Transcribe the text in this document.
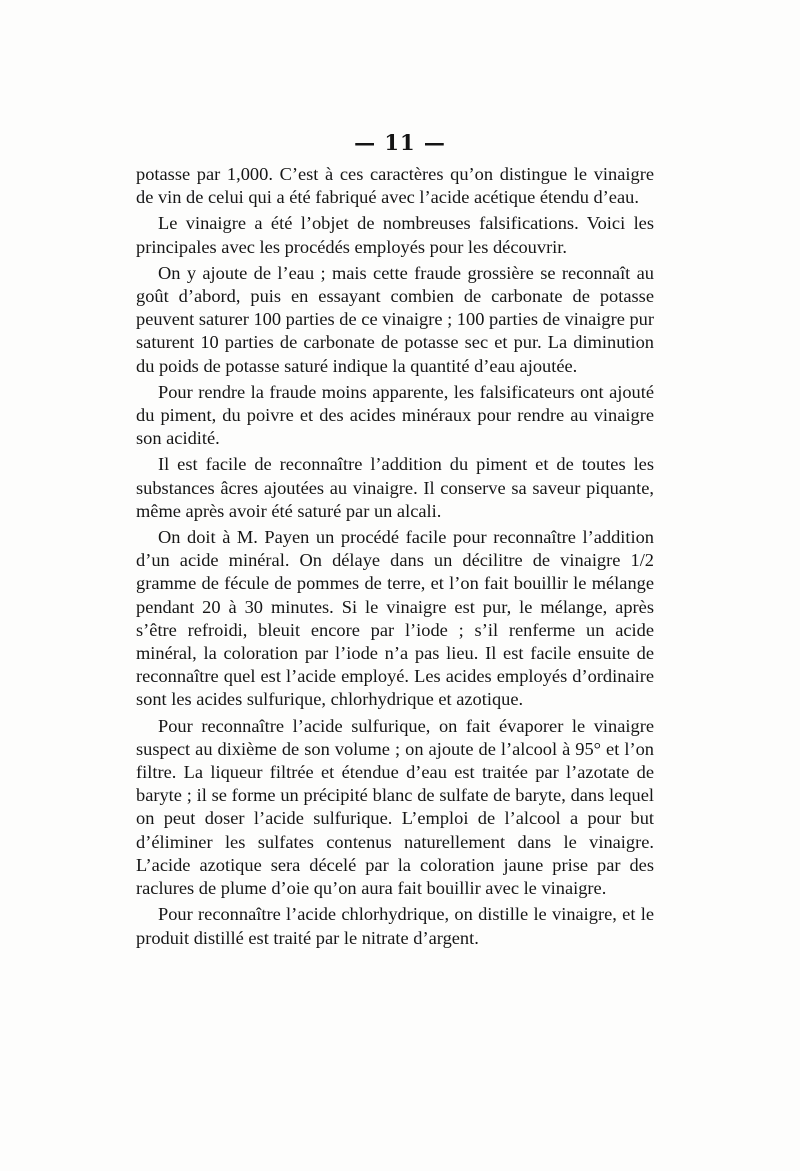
— 11 —

potasse par 1,000. C’est à ces caractères qu’on distingue le vinaigre de vin de celui qui a été fabriqué avec l’acide acétique étendu d’eau.

Le vinaigre a été l’objet de nombreuses falsifications. Voici les principales avec les procédés employés pour les découvrir.

On y ajoute de l’eau ; mais cette fraude grossière se reconnaît au goût d’abord, puis en essayant combien de carbonate de potasse peuvent saturer 100 parties de ce vinaigre ; 100 parties de vinaigre pur saturent 10 parties de carbonate de potasse sec et pur. La diminution du poids de potasse saturé indique la quantité d’eau ajoutée.

Pour rendre la fraude moins apparente, les falsificateurs ont ajouté du piment, du poivre et des acides minéraux pour rendre au vinaigre son acidité.

Il est facile de reconnaître l’addition du piment et de toutes les substances âcres ajoutées au vinaigre. Il conserve sa saveur piquante, même après avoir été saturé par un alcali.

On doit à M. Payen un procédé facile pour reconnaître l’addition d’un acide minéral. On délaye dans un décilitre de vinaigre 1/2 gramme de fécule de pommes de terre, et l’on fait bouillir le mélange pendant 20 à 30 minutes. Si le vinaigre est pur, le mélange, après s’être refroidi, bleuit encore par l’iode ; s’il renferme un acide minéral, la coloration par l’iode n’a pas lieu. Il est facile ensuite de reconnaître quel est l’acide employé. Les acides employés d’ordinaire sont les acides sulfurique, chlorhydrique et azotique.

Pour reconnaître l’acide sulfurique, on fait évaporer le vinaigre suspect au dixième de son volume ; on ajoute de l’alcool à 95° et l’on filtre. La liqueur filtrée et étendue d’eau est traitée par l’azotate de baryte ; il se forme un précipité blanc de sulfate de baryte, dans lequel on peut doser l’acide sulfurique. L’emploi de l’alcool a pour but d’éliminer les sulfates contenus naturellement dans le vinaigre. L’acide azotique sera décelé par la coloration jaune prise par des raclures de plume d’oie qu’on aura fait bouillir avec le vinaigre.

Pour reconnaître l’acide chlorhydrique, on distille le vinaigre, et le produit distillé est traité par le nitrate d’argent.
